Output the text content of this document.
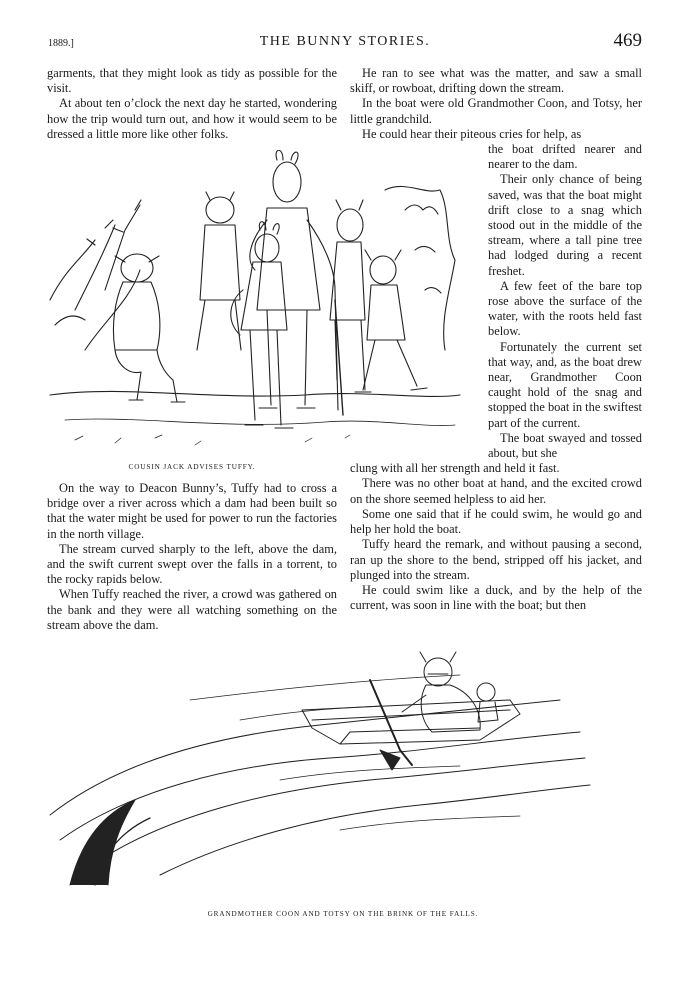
1889.]	THE BUNNY STORIES.	469

garments, that they might look as tidy as possible for the visit.

At about ten o’clock the next day he started, wondering how the trip would turn out, and how it would seem to be dressed a little more like other folks.

COUSIN JACK ADVISES TUFFY.

On the way to Deacon Bunny’s, Tuffy had to cross a bridge over a river across which a dam had been built so that the water might be used for power to run the factories in the north village.

The stream curved sharply to the left, above the dam, and the swift current swept over the falls in a torrent, to the rocky rapids below.

When Tuffy reached the river, a crowd was gathered on the bank and they were all watching something on the stream above the dam.

He ran to see what was the matter, and saw a small skiff, or rowboat, drifting down the stream.

In the boat were old Grandmother Coon, and Totsy, her little grandchild.

He could hear their piteous cries for help, as

the boat drifted nearer and nearer to the dam.

Their only chance of being saved, was that the boat might drift close to a snag which stood out in the middle of the stream, where a tall pine tree had lodged during a recent freshet.

A few feet of the bare top rose above the surface of the water, with the roots held fast below.

Fortunately the current set that way, and, as the boat drew near, Grandmother Coon caught hold of the snag and stopped the boat in the swiftest part of the current.

The boat swayed and tossed about, but she

clung with all her strength and held it fast.

There was no other boat at hand, and the excited crowd on the shore seemed helpless to aid her.

Some one said that if he could swim, he would go and help her hold the boat.

Tuffy heard the remark, and without pausing a second, ran up the shore to the bend, stripped off his jacket, and plunged into the stream.

He could swim like a duck, and by the help of the current, was soon in line with the boat; but then

GRANDMOTHER COON AND TOTSY ON THE BRINK OF THE FALLS.
